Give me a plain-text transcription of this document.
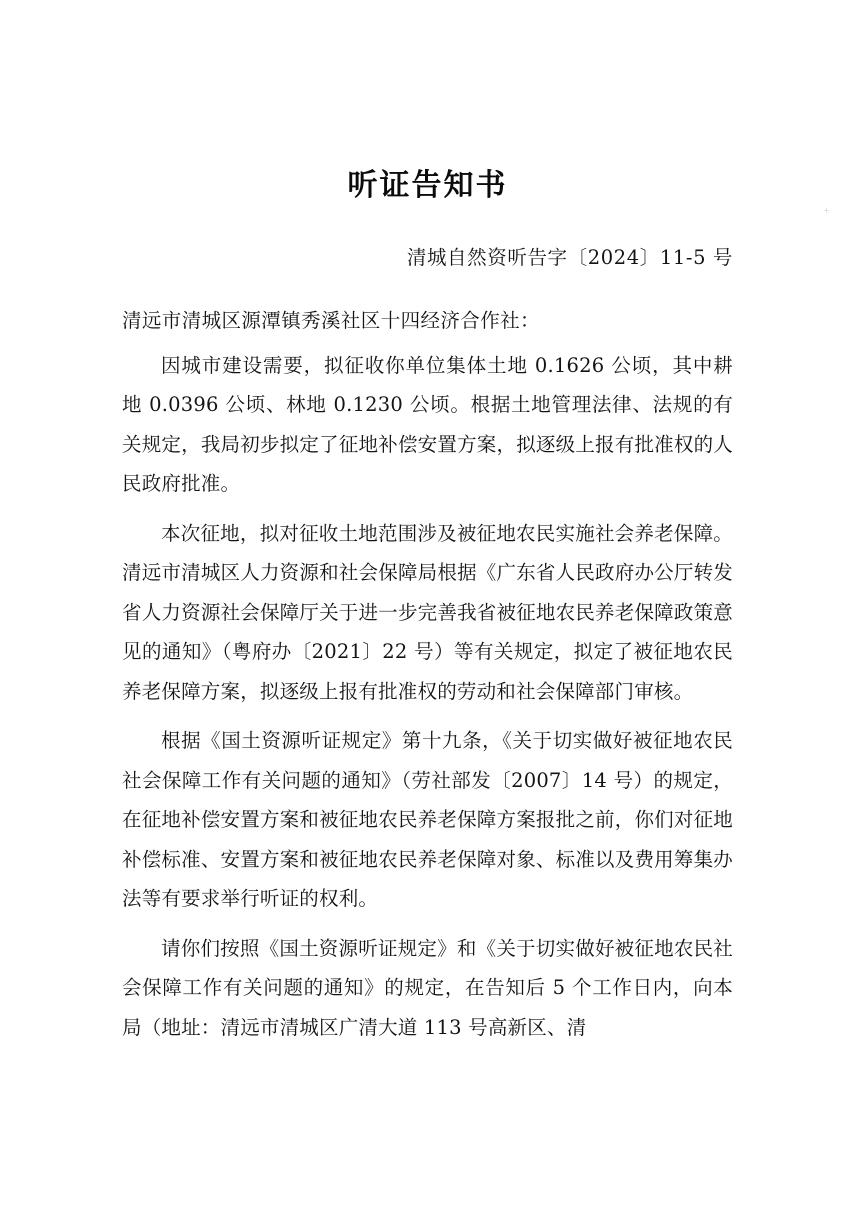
听证告知书

清城自然资听告字〔2024〕11-5 号

清远市清城区源潭镇秀溪社区十四经济合作社：

因城市建设需要，拟征收你单位集体土地 0.1626 公顷，其中耕地 0.0396 公顷、林地 0.1230 公顷。根据土地管理法律、法规的有关规定，我局初步拟定了征地补偿安置方案，拟逐级上报有批准权的人民政府批准。

本次征地，拟对征收土地范围涉及被征地农民实施社会养老保障。清远市清城区人力资源和社会保障局根据《广东省人民政府办公厅转发省人力资源社会保障厅关于进一步完善我省被征地农民养老保障政策意见的通知》（粤府办〔2021〕22 号）等有关规定，拟定了被征地农民养老保障方案，拟逐级上报有批准权的劳动和社会保障部门审核。

根据《国土资源听证规定》第十九条，《关于切实做好被征地农民社会保障工作有关问题的通知》（劳社部发〔2007〕14 号）的规定，在征地补偿安置方案和被征地农民养老保障方案报批之前，你们对征地补偿标准、安置方案和被征地农民养老保障对象、标准以及费用筹集办法等有要求举行听证的权利。

请你们按照《国土资源听证规定》和《关于切实做好被征地农民社会保障工作有关问题的通知》的规定，在告知后 5 个工作日内，向本局（地址：清远市清城区广清大道 113 号高新区、清
